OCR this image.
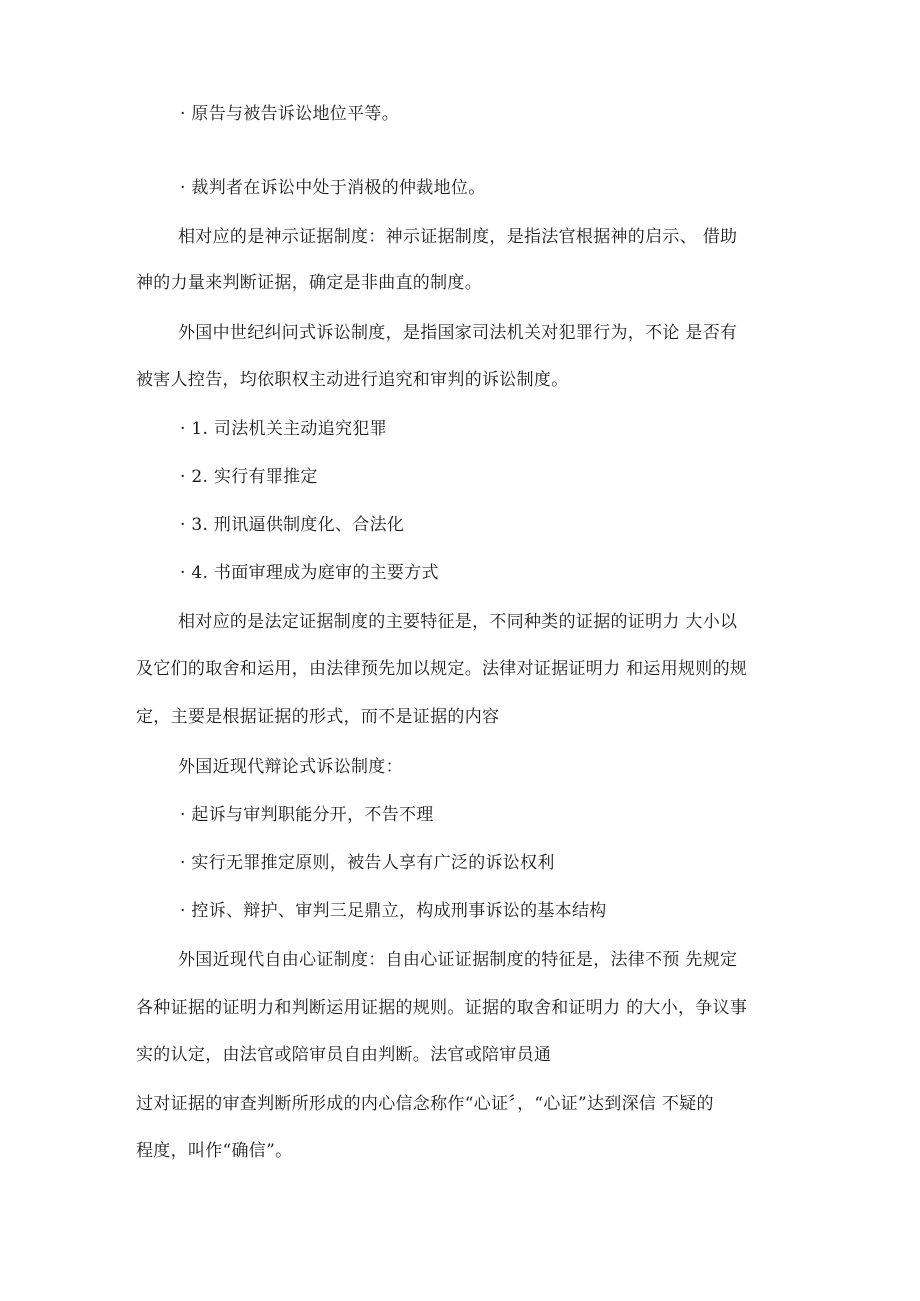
· 原告与被告诉讼地位平等。
· 裁判者在诉讼中处于消极的仲裁地位。
相对应的是神示证据制度：神示证据制度，是指法官根据神的启示、 借助
神的力量来判断证据，确定是非曲直的制度。
外国中世纪纠问式诉讼制度，是指国家司法机关对犯罪行为，不论 是否有
被害人控告，均依职权主动进行追究和审判的诉讼制度。
· 1. 司法机关主动追究犯罪
· 2. 实行有罪推定
· 3. 刑讯逼供制度化、合法化
· 4. 书面审理成为庭审的主要方式
相对应的是法定证据制度的主要特征是，不同种类的证据的证明力 大小以
及它们的取舍和运用，由法律预先加以规定。法律对证据证明力 和运用规则的规
定，主要是根据证据的形式，而不是证据的内容
外国近现代辩论式诉讼制度：
· 起诉与审判职能分开，不告不理
· 实行无罪推定原则，被告人享有广泛的诉讼权利
· 控诉、辩护、审判三足鼎立，构成刑事诉讼的基本结构
外国近现代自由心证制度：自由心证证据制度的特征是，法律不预 先规定
各种证据的证明力和判断运用证据的规则。证据的取舍和证明力 的大小，争议事
实的认定，由法官或陪审员自由判断。法官或陪审员通
过对证据的审查判断所形成的内心信念称作“心证〞，“心证”达到深信 不疑的
程度，叫作“确信”。
